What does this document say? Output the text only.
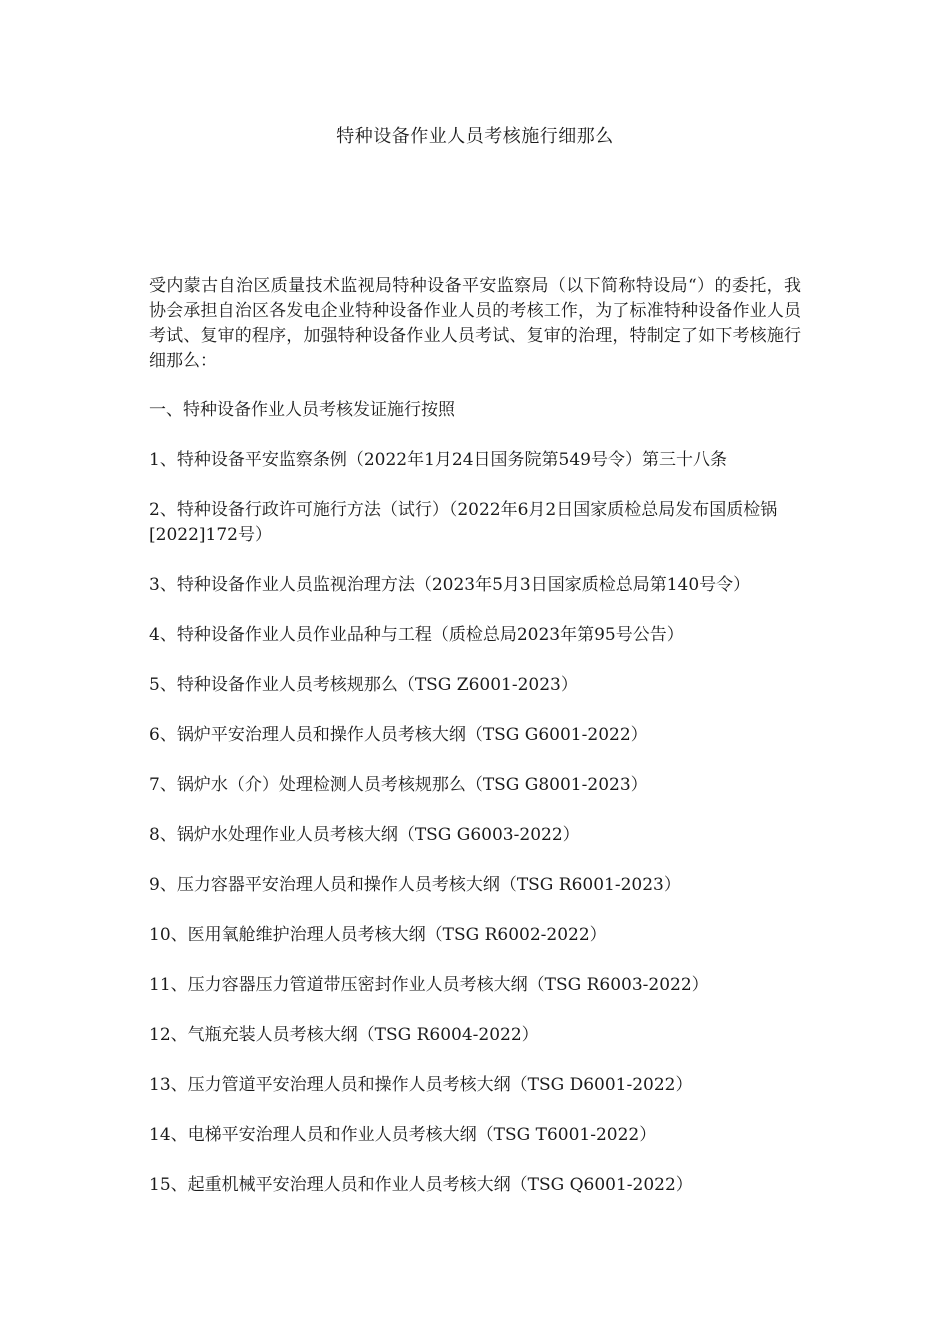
特种设备作业人员考核施行细那么

受内蒙古自治区质量技术监视局特种设备平安监察局（以下简称特设局“）的委托，我协会承担自治区各发电企业特种设备作业人员的考核工作，为了标准特种设备作业人员考试、复审的程序，加强特种设备作业人员考试、复审的治理，特制定了如下考核施行细那么：

一、特种设备作业人员考核发证施行按照

1、特种设备平安监察条例（2022年1月24日国务院第549号令）第三十八条

2、特种设备行政许可施行方法（试行）（2022年6月2日国家质检总局发布国质检锅[2022]172号）

3、特种设备作业人员监视治理方法（2023年5月3日国家质检总局第140号令）

4、特种设备作业人员作业品种与工程（质检总局2023年第95号公告）

5、特种设备作业人员考核规那么（TSG Z6001-2023）

6、锅炉平安治理人员和操作人员考核大纲（TSG G6001-2022）

7、锅炉水（介）处理检测人员考核规那么（TSG G8001-2023）

8、锅炉水处理作业人员考核大纲（TSG G6003-2022）

9、压力容器平安治理人员和操作人员考核大纲（TSG R6001-2023）

10、医用氧舱维护治理人员考核大纲（TSG R6002-2022）

11、压力容器压力管道带压密封作业人员考核大纲（TSG R6003-2022）

12、气瓶充装人员考核大纲（TSG R6004-2022）

13、压力管道平安治理人员和操作人员考核大纲（TSG D6001-2022）

14、电梯平安治理人员和作业人员考核大纲（TSG T6001-2022）

15、起重机械平安治理人员和作业人员考核大纲（TSG Q6001-2022）
